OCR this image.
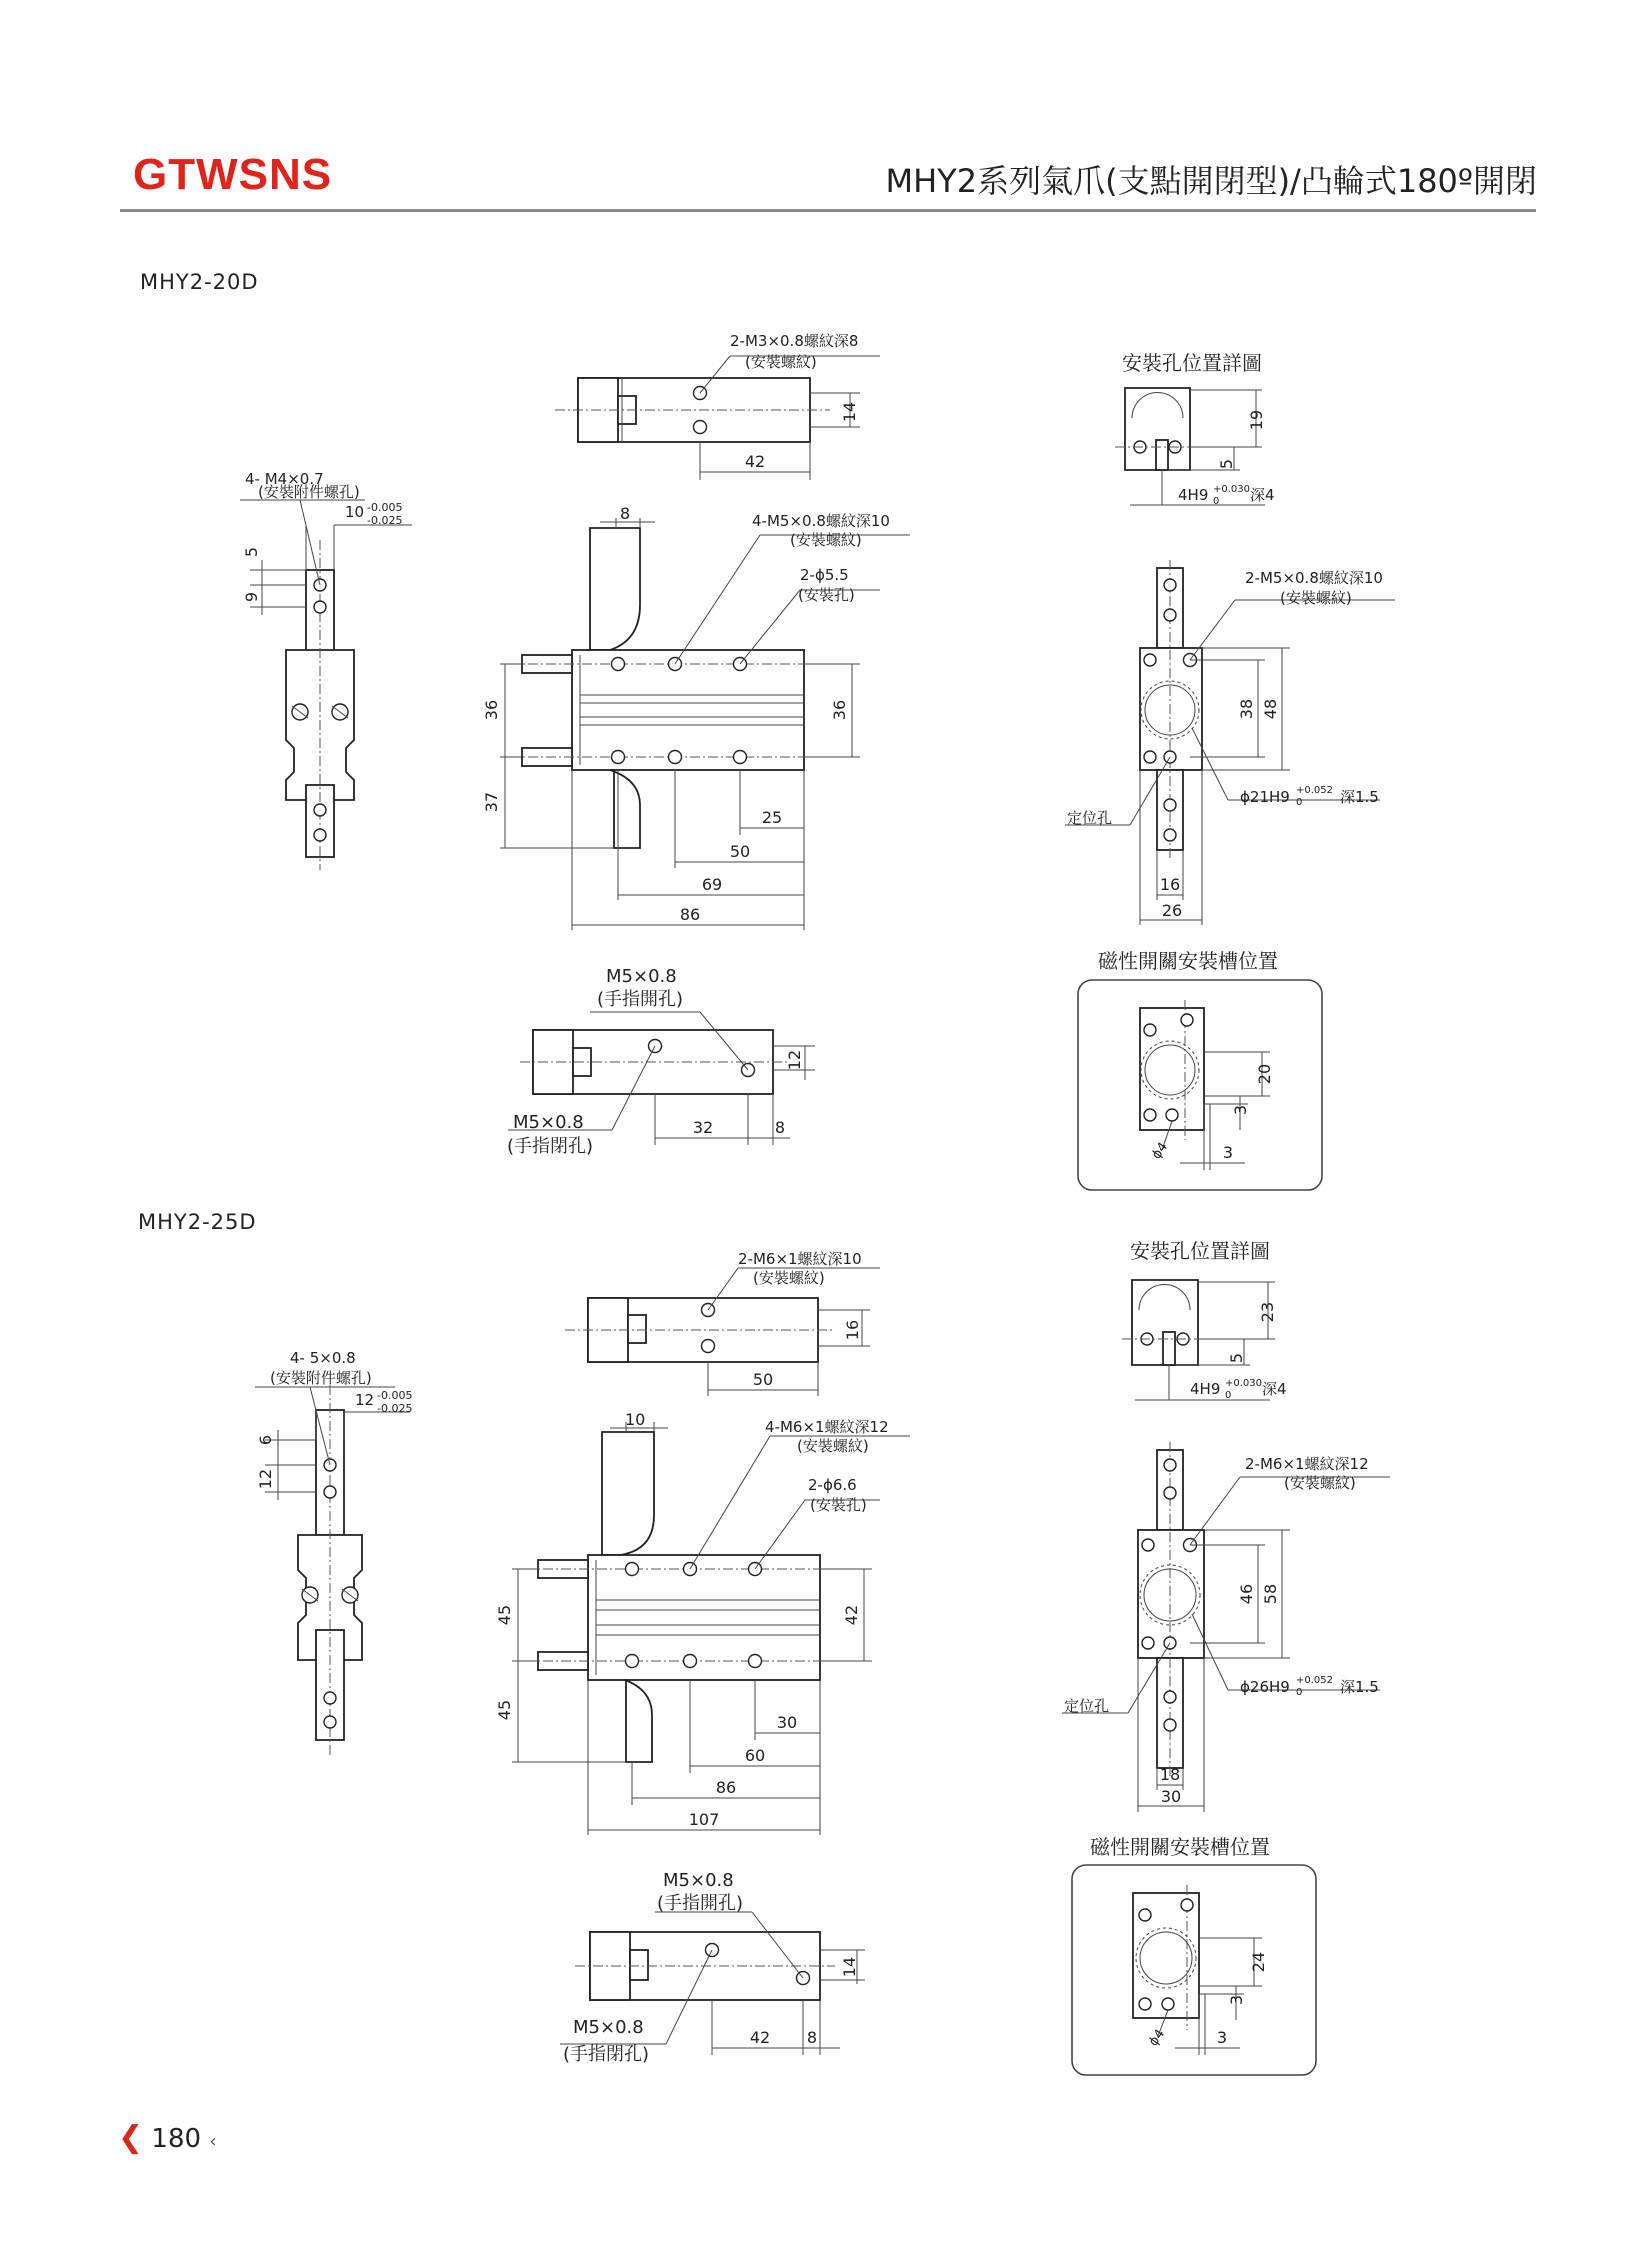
GTWSNS	MHY2系列氣爪(支點開閉型)/凸輪式180º開閉
MHY2-20D
MHY2-25D
❮ 180 ‹
2-M3×0.8螺紋深8
(安裝螺紋)
14
42
4- M4×0.7
(安裝附件螺孔)
10 -0.005
-0.025
5
9
8	4-M5×0.8螺紋深10
(安裝螺紋)
2-ϕ5.5
(安裝孔)
36
37
36
25
50
69
86
安裝孔位置詳圖
19
5
4H9 +0.030
0 深4
2-M5×0.8螺紋深10
(安裝螺紋)
38 48
ϕ21H9 +0.052
0	深1.5
定位孔
16
26
M5×0.8
(手指開孔)
M5×0.8
(手指閉孔)
12
32	8
磁性開關安裝槽位置
20
3
3
ϕ4
2-M6×1螺紋深10
(安裝螺紋)
16
50
4- 5×0.8
(安裝附件螺孔)
12 -0.005
-0.025
6
12
10	4-M6×1螺紋深12
(安裝螺紋)
2-ϕ6.6
(安裝孔)
45
45
42
30
60
86
107
安裝孔位置詳圖
23
5
4H9 +0.030
0 深4
2-M6×1螺紋深12
(安裝螺紋)
46 58
ϕ26H9 +0.052
0	深1.5
定位孔
18
30
M5×0.8
(手指開孔)
M5×0.8
(手指閉孔)
14
42 8
磁性開關安裝槽位置
24
3
3
ϕ4
